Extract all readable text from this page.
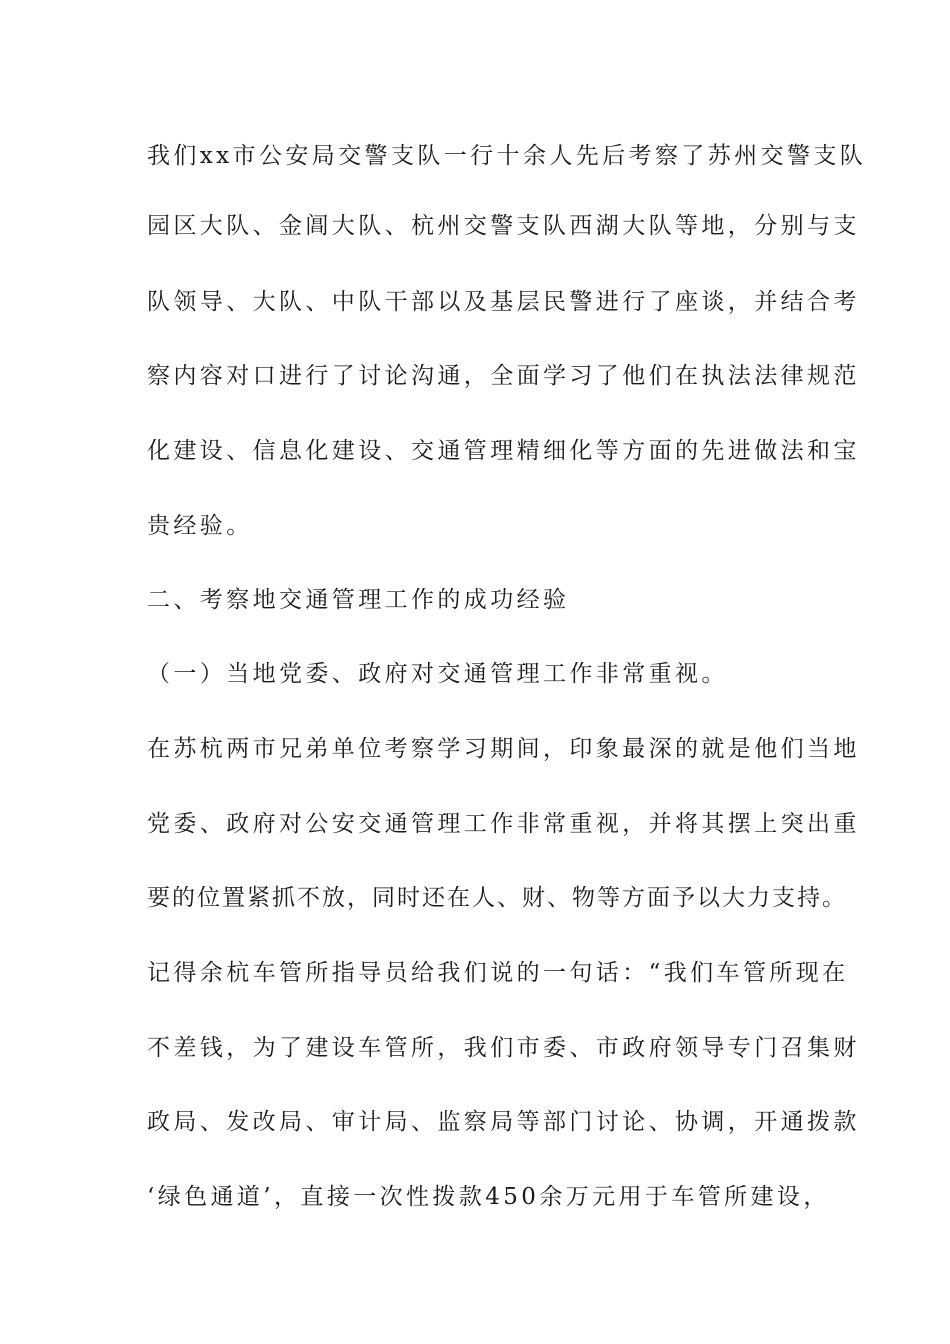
我们xx市公安局交警支队一行十余人先后考察了苏州交警支队
园区大队、金阊大队、杭州交警支队西湖大队等地，分别与支
队领导、大队、中队干部以及基层民警进行了座谈，并结合考
察内容对口进行了讨论沟通，全面学习了他们在执法法律规范
化建设、信息化建设、交通管理精细化等方面的先进做法和宝
贵经验。
二、考察地交通管理工作的成功经验
（一）当地党委、政府对交通管理工作非常重视。
在苏杭两市兄弟单位考察学习期间，印象最深的就是他们当地
党委、政府对公安交通管理工作非常重视，并将其摆上突出重
要的位置紧抓不放，同时还在人、财、物等方面予以大力支持。
记得余杭车管所指导员给我们说的一句话：“我们车管所现在
不差钱，为了建设车管所，我们市委、市政府领导专门召集财
政局、发改局、审计局、监察局等部门讨论、协调，开通拨款
‘绿色通道’，直接一次性拨款450余万元用于车管所建设，
